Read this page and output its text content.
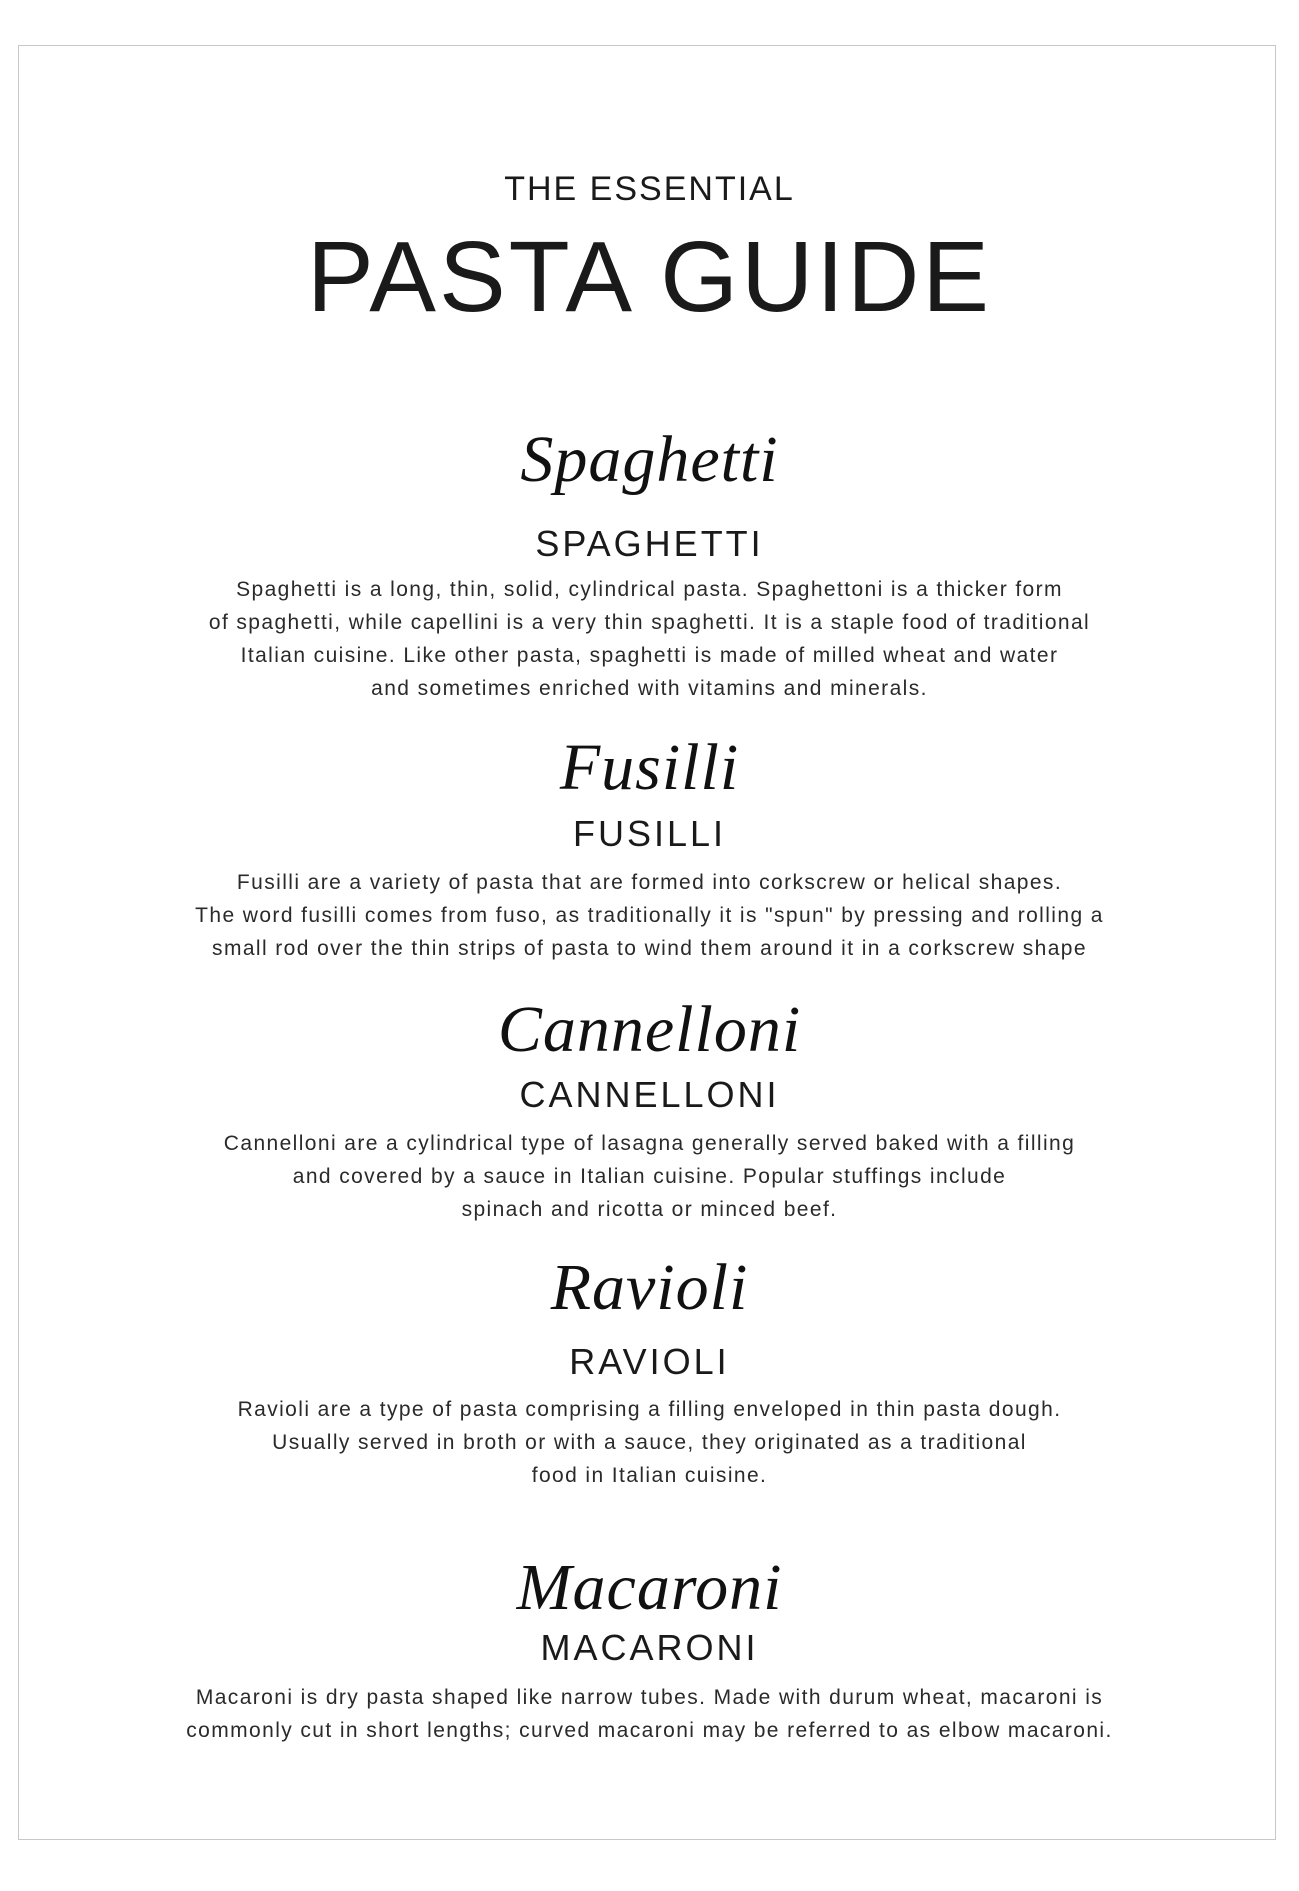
THE ESSENTIAL
PASTA GUIDE
Spaghetti
SPAGHETTI
Spaghetti is a long, thin, solid, cylindrical pasta. Spaghettoni is a thicker form
of spaghetti, while capellini is a very thin spaghetti. It is a staple food of traditional
Italian cuisine. Like other pasta, spaghetti is made of milled wheat and water
and sometimes enriched with vitamins and minerals.
Fusilli
FUSILLI
Fusilli are a variety of pasta that are formed into corkscrew or helical shapes.
The word fusilli comes from fuso, as traditionally it is "spun" by pressing and rolling a
small rod over the thin strips of pasta to wind them around it in a corkscrew shape
Cannelloni
CANNELLONI
Cannelloni are a cylindrical type of lasagna generally served baked with a filling
and covered by a sauce in Italian cuisine. Popular stuffings include
spinach and ricotta or minced beef.
Ravioli
RAVIOLI
Ravioli are a type of pasta comprising a filling enveloped in thin pasta dough.
Usually served in broth or with a sauce, they originated as a traditional
food in Italian cuisine.
Macaroni
MACARONI
Macaroni is dry pasta shaped like narrow tubes. Made with durum wheat, macaroni is
commonly cut in short lengths; curved macaroni may be referred to as elbow macaroni.
